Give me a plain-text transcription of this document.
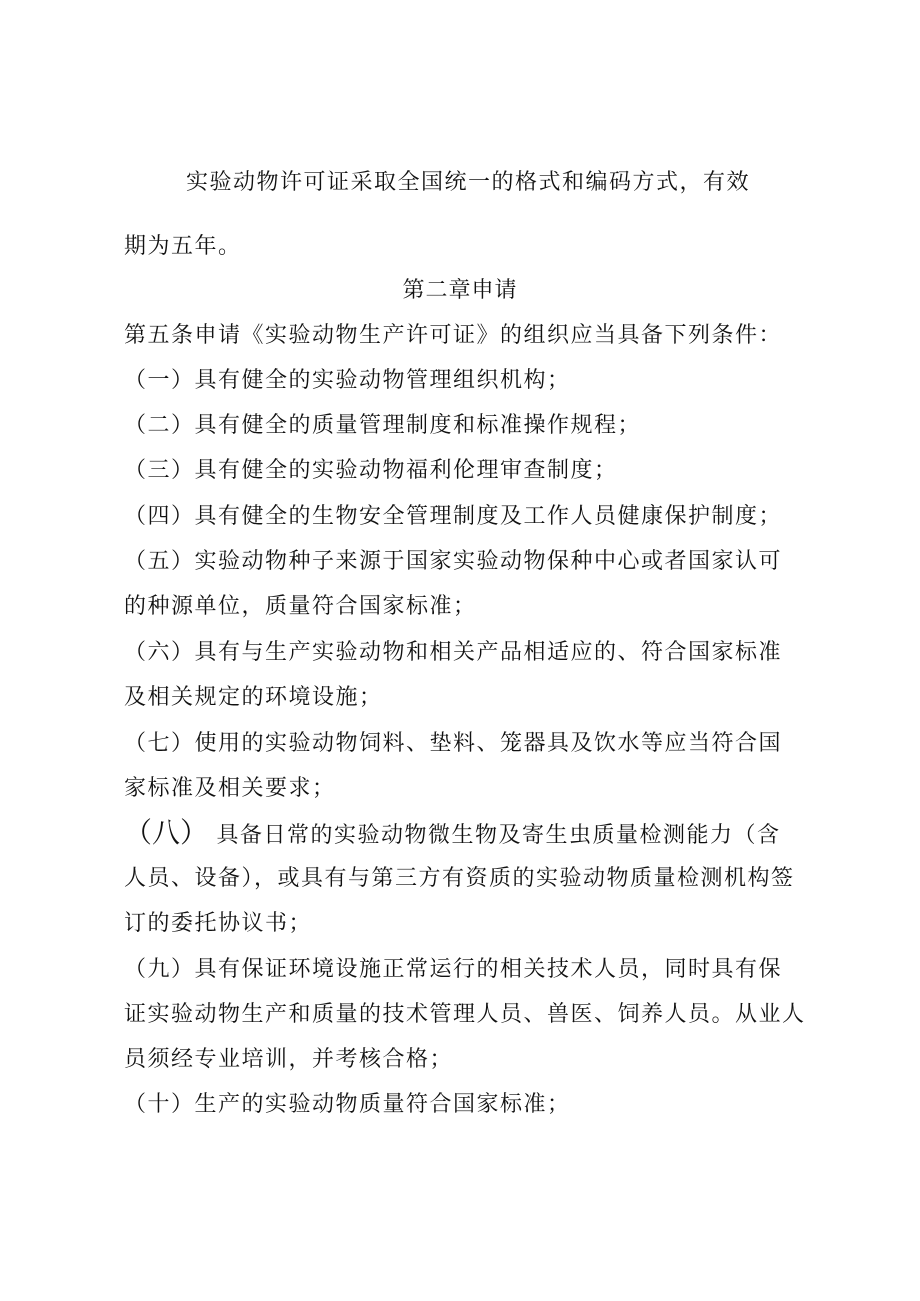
实验动物许可证采取全国统一的格式和编码方式，有效
期为五年。
第二章申请
第五条申请《实验动物生产许可证》的组织应当具备下列条件：
（一）具有健全的实验动物管理组织机构；
（二）具有健全的质量管理制度和标准操作规程；
（三）具有健全的实验动物福利伦理审查制度；
（四）具有健全的生物安全管理制度及工作人员健康保护制度；
（五）实验动物种子来源于国家实验动物保种中心或者国家认可
的种源单位，质量符合国家标准；
（六）具有与生产实验动物和相关产品相适应的、符合国家标准
及相关规定的环境设施；
（七）使用的实验动物饲料、垫料、笼器具及饮水等应当符合国
家标准及相关要求；
（八） 具备日常的实验动物微生物及寄生虫质量检测能力（含
人员、设备），或具有与第三方有资质的实验动物质量检测机构签
订的委托协议书；
（九）具有保证环境设施正常运行的相关技术人员，同时具有保
证实验动物生产和质量的技术管理人员、兽医、饲养人员。从业人
员须经专业培训，并考核合格；
（十）生产的实验动物质量符合国家标准；
